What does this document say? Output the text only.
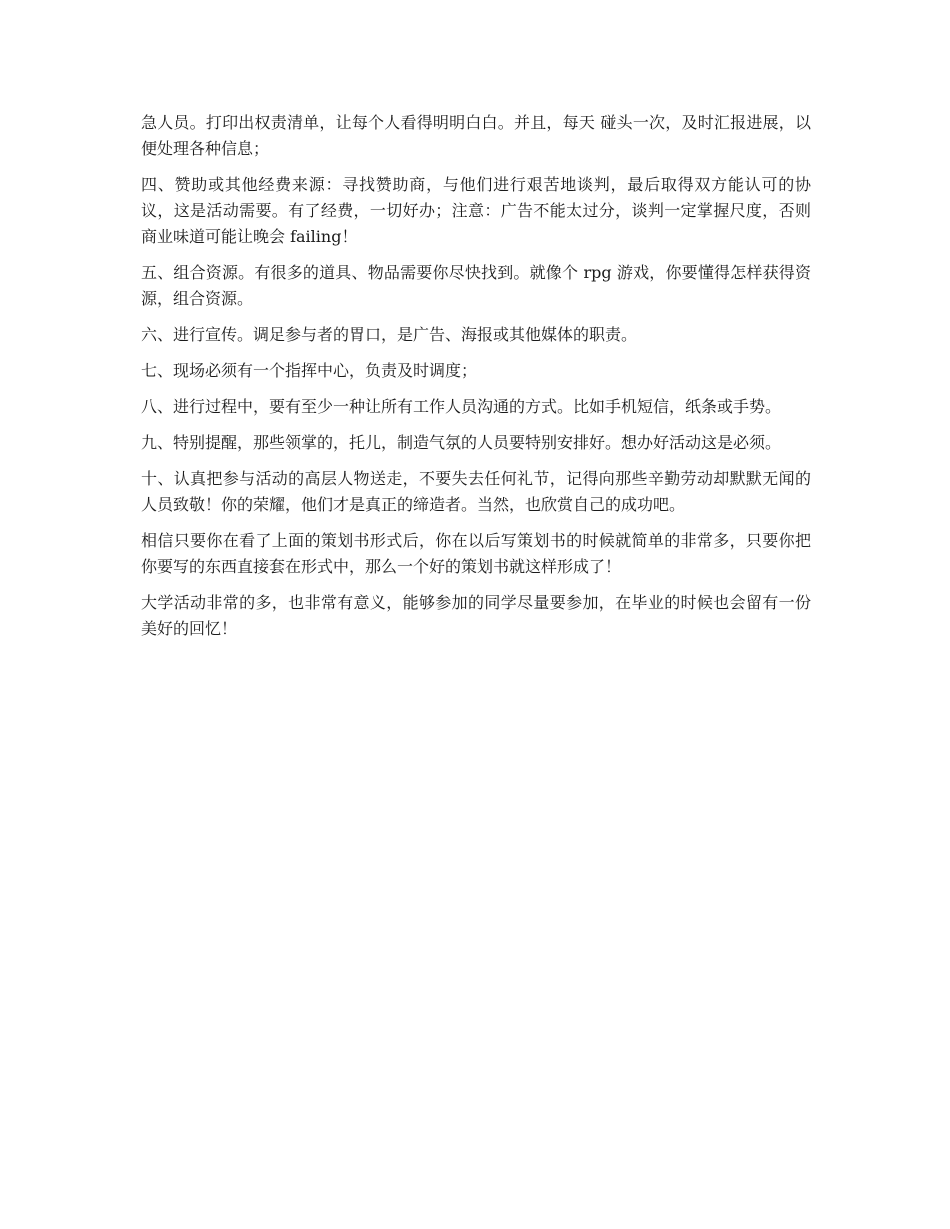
急人员。打印出权责清单，让每个人看得明明白白。并且，每天 碰头一次，及时汇报进展，以便处理各种信息；

四、赞助或其他经费来源：寻找赞助商，与他们进行艰苦地谈判，最后取得双方能认可的协议，这是活动需要。有了经费，一切好办；注意：广告不能太过分，谈判一定掌握尺度，否则商业味道可能让晚会 failing！

五、组合资源。有很多的道具、物品需要你尽快找到。就像个 rpg 游戏，你要懂得怎样获得资源，组合资源。

六、进行宣传。调足参与者的胃口，是广告、海报或其他媒体的职责。

七、现场必须有一个指挥中心，负责及时调度；

八、进行过程中，要有至少一种让所有工作人员沟通的方式。比如手机短信，纸条或手势。

九、特别提醒，那些领掌的，托儿，制造气氛的人员要特别安排好。想办好活动这是必须。

十、认真把参与活动的高层人物送走，不要失去任何礼节，记得向那些辛勤劳动却默默无闻的人员致敬！你的荣耀，他们才是真正的缔造者。当然，也欣赏自己的成功吧。

相信只要你在看了上面的策划书形式后，你在以后写策划书的时候就简单的非常多，只要你把你要写的东西直接套在形式中，那么一个好的策划书就这样形成了！

大学活动非常的多，也非常有意义，能够参加的同学尽量要参加，在毕业的时候也会留有一份美好的回忆！
